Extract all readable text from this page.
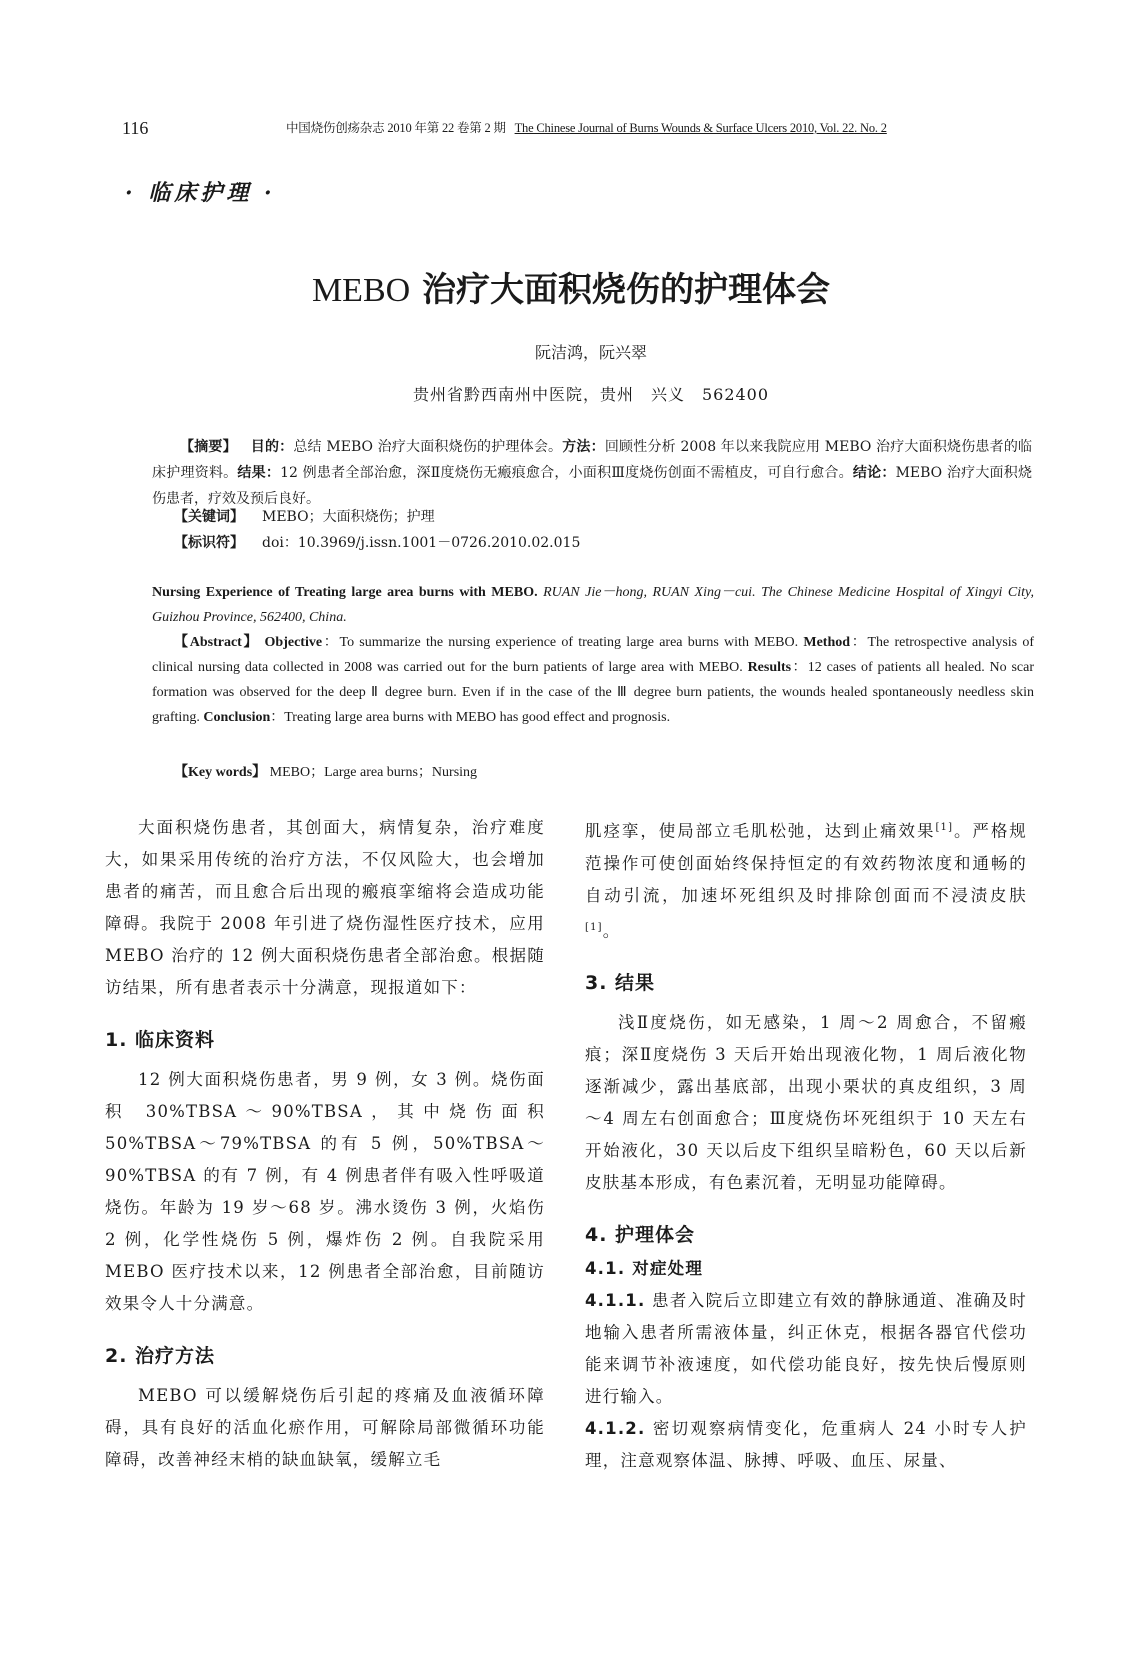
116	中国烧伤创疡杂志 2010 年第 22 卷第 2 期 The Chinese Journal of Burns Wounds & Surface Ulcers 2010, Vol. 22. No. 2
· 临床护理 ·
MEBO 治疗大面积烧伤的护理体会
阮洁鸿，阮兴翠
贵州省黔西南州中医院，贵州　兴义　562400

【摘要】 目的：总结 MEBO 治疗大面积烧伤的护理体会。方法：回顾性分析 2008 年以来我院应用 MEBO 治疗大面积烧伤患者的临床护理资料。结果：12 例患者全部治愈，深Ⅱ度烧伤无瘢痕愈合，小面积Ⅲ度烧伤创面不需植皮，可自行愈合。结论：MEBO 治疗大面积烧伤患者，疗效及预后良好。

【关键词】 MEBO；大面积烧伤；护理
【标识符】 doi：10.3969/j.issn.1001－0726.2010.02.015
Nursing Experience of Treating large area burns with MEBO. RUAN Jie－hong, RUAN Xing－cui. The Chinese Medicine Hospital of Xingyi City, Guizhou Province, 562400, China.

【Abstract】 Objective：To summarize the nursing experience of treating large area burns with MEBO. Method：The retrospective analysis of clinical nursing data collected in 2008 was carried out for the burn patients of large area with MEBO. Results：12 cases of patients all healed. No scar formation was observed for the deep Ⅱ degree burn. Even if in the case of the Ⅲ degree burn patients, the wounds healed spontaneously needless skin grafting. Conclusion：Treating large area burns with MEBO has good effect and prognosis.

【Key words】 MEBO；Large area burns；Nursing

大面积烧伤患者，其创面大，病情复杂，治疗难度大，如果采用传统的治疗方法，不仅风险大，也会增加患者的痛苦，而且愈合后出现的瘢痕挛缩将会造成功能障碍。我院于 2008 年引进了烧伤湿性医疗技术，应用 MEBO 治疗的 12 例大面积烧伤患者全部治愈。根据随访结果，所有患者表示十分满意，现报道如下：

1. 临床资料

12 例大面积烧伤患者，男 9 例，女 3 例。烧伤面积 30%TBSA～90%TBSA，其中烧伤面积 50%TBSA～79%TBSA 的有 5 例，50%TBSA～90%TBSA 的有 7 例，有 4 例患者伴有吸入性呼吸道烧伤。年龄为 19 岁～68 岁。沸水烫伤 3 例，火焰伤 2 例，化学性烧伤 5 例，爆炸伤 2 例。自我院采用 MEBO 医疗技术以来，12 例患者全部治愈，目前随访效果令人十分满意。

2. 治疗方法

MEBO 可以缓解烧伤后引起的疼痛及血液循环障碍，具有良好的活血化瘀作用，可解除局部微循环功能障碍，改善神经末梢的缺血缺氧，缓解立毛

肌痉挛，使局部立毛肌松弛，达到止痛效果[1]。严格规范操作可使创面始终保持恒定的有效药物浓度和通畅的自动引流，加速坏死组织及时排除创面而不浸渍皮肤[1]。

3. 结果

浅Ⅱ度烧伤，如无感染，1 周～2 周愈合，不留瘢痕；深Ⅱ度烧伤 3 天后开始出现液化物，1 周后液化物逐渐减少，露出基底部，出现小栗状的真皮组织，3 周～4 周左右创面愈合；Ⅲ度烧伤坏死组织于 10 天左右开始液化，30 天以后皮下组织呈暗粉色，60 天以后新皮肤基本形成，有色素沉着，无明显功能障碍。

4. 护理体会
4.1. 对症处理

4.1.1. 患者入院后立即建立有效的静脉通道、准确及时地输入患者所需液体量，纠正休克，根据各器官代偿功能来调节补液速度，如代偿功能良好，按先快后慢原则进行输入。

4.1.2. 密切观察病情变化，危重病人 24 小时专人护理，注意观察体温、脉搏、呼吸、血压、尿量、
